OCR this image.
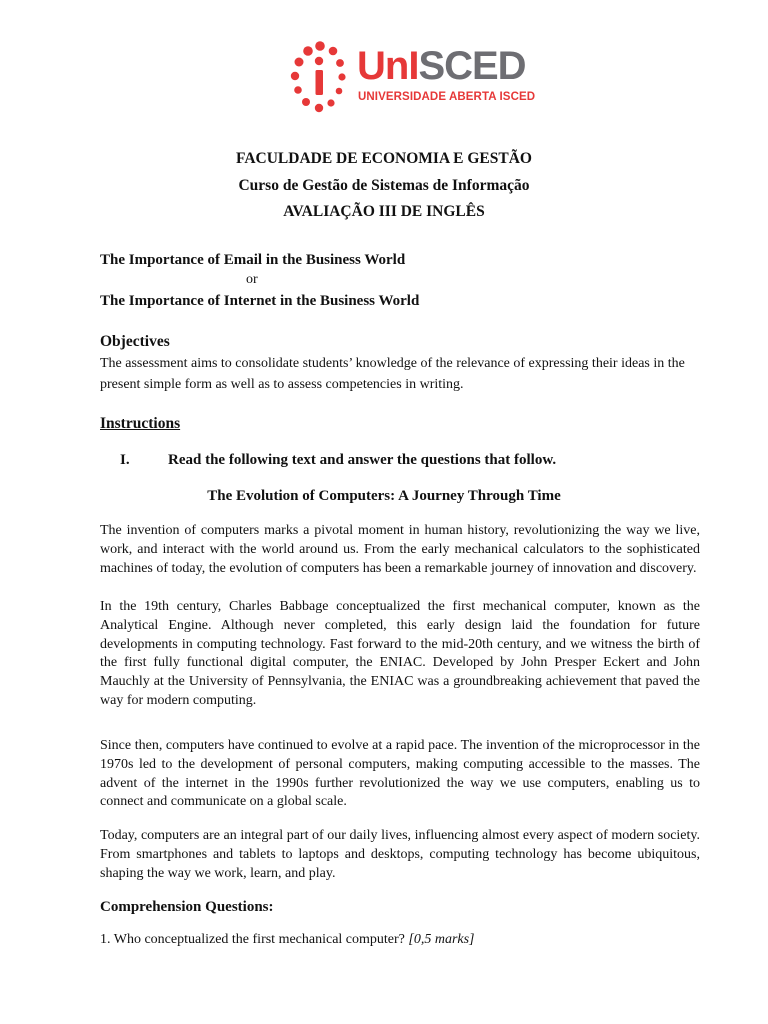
UnISCED
UNIVERSIDADE ABERTA ISCED
FACULDADE DE ECONOMIA E GESTÃO
Curso de Gestão de Sistemas de Informação
AVALIAÇÃO III DE INGLÊS
The Importance of Email in the Business World
or
The Importance of Internet in the Business World
Objectives
The assessment aims to consolidate students’ knowledge of the relevance of expressing their ideas in the present simple form as well as to assess competencies in writing.
Instructions
I.	Read the following text and answer the questions that follow.
The Evolution of Computers: A Journey Through Time
The invention of computers marks a pivotal moment in human history, revolutionizing the way we live, work, and interact with the world around us. From the early mechanical calculators to the sophisticated machines of today, the evolution of computers has been a remarkable journey of innovation and discovery.
In the 19th century, Charles Babbage conceptualized the first mechanical computer, known as the Analytical Engine. Although never completed, this early design laid the foundation for future developments in computing technology. Fast forward to the mid-20th century, and we witness the birth of the first fully functional digital computer, the ENIAC. Developed by John Presper Eckert and John Mauchly at the University of Pennsylvania, the ENIAC was a groundbreaking achievement that paved the way for modern computing.
Since then, computers have continued to evolve at a rapid pace. The invention of the microprocessor in the 1970s led to the development of personal computers, making computing accessible to the masses. The advent of the internet in the 1990s further revolutionized the way we use computers, enabling us to connect and communicate on a global scale.
Today, computers are an integral part of our daily lives, influencing almost every aspect of modern society. From smartphones and tablets to laptops and desktops, computing technology has become ubiquitous, shaping the way we work, learn, and play.
Comprehension Questions:
1. Who conceptualized the first mechanical computer? [0,5 marks]
